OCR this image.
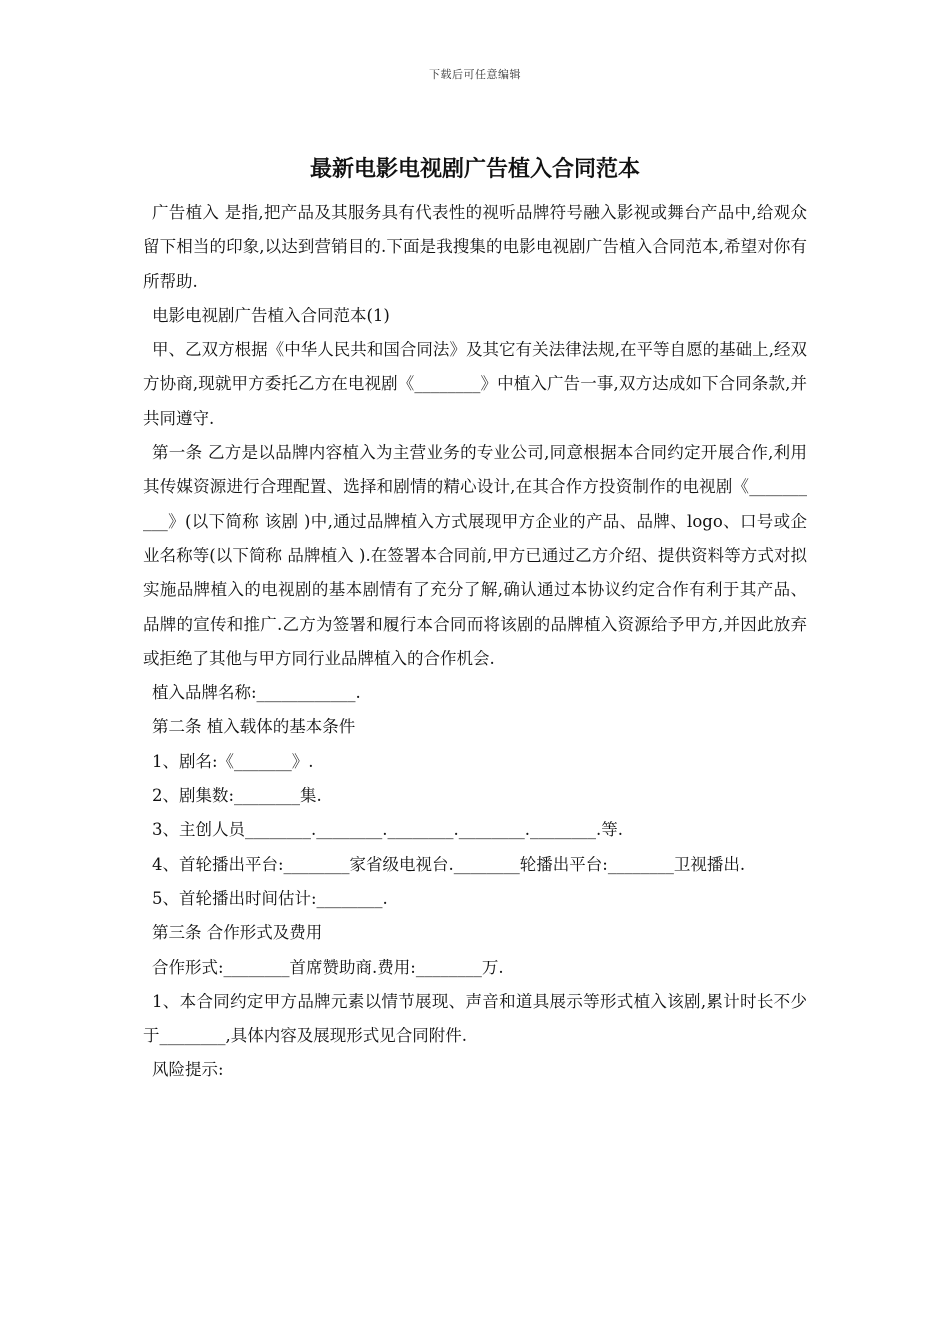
下载后可任意编辑
最新电影电视剧广告植入合同范本

广告植入 是指,把产品及其服务具有代表性的视听品牌符号融入影视或舞台产品中,给观众留下相当的印象,以达到营销目的.下面是我搜集的电影电视剧广告植入合同范本,希望对你有所帮助.

电影电视剧广告植入合同范本(1)

甲、乙双方根据《中华人民共和国合同法》及其它有关法律法规,在平等自愿的基础上,经双方协商,现就甲方委托乙方在电视剧《________》中植入广告一事,双方达成如下合同条款,并共同遵守.

第一条 乙方是以品牌内容植入为主营业务的专业公司,同意根据本合同约定开展合作,利用其传媒资源进行合理配置、选择和剧情的精心设计,在其合作方投资制作的电视剧《__________》(以下简称 该剧 )中,通过品牌植入方式展现甲方企业的产品、品牌、logo、口号或企业名称等(以下简称 品牌植入 ).在签署本合同前,甲方已通过乙方介绍、提供资料等方式对拟实施品牌植入的电视剧的基本剧情有了充分了解,确认通过本协议约定合作有利于其产品、品牌的宣传和推广.乙方为签署和履行本合同而将该剧的品牌植入资源给予甲方,并因此放弃或拒绝了其他与甲方同行业品牌植入的合作机会.

植入品牌名称:____________.

第二条 植入载体的基本条件

1、剧名:《_______》.

2、剧集数:________集.

3、主创人员________.________.________.________.________.等.

4、首轮播出平台:________家省级电视台.________轮播出平台:________卫视播出.

5、首轮播出时间估计:________.

第三条 合作形式及费用

合作形式:________首席赞助商.费用:________万.

1、本合同约定甲方品牌元素以情节展现、声音和道具展示等形式植入该剧,累计时长不少于________,具体内容及展现形式见合同附件.

风险提示:
